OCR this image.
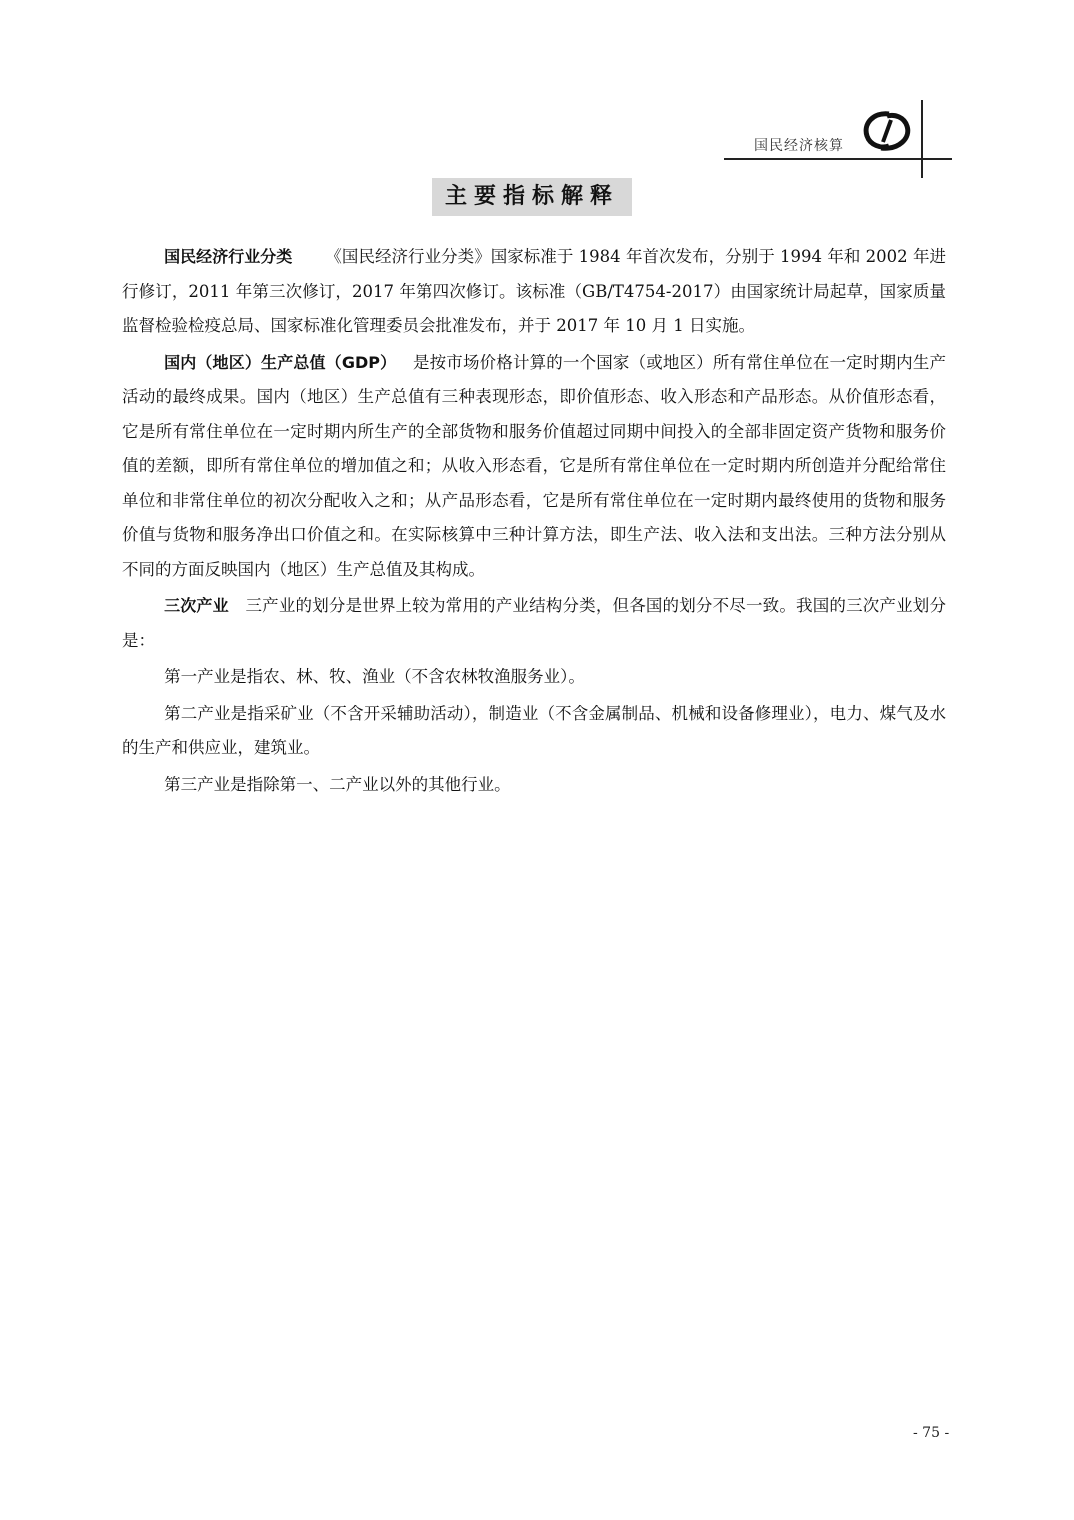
国民经济核算
主要指标解释

国民经济行业分类 《国民经济行业分类》国家标准于 1984 年首次发布，分别于 1994 年和 2002 年进行修订，2011 年第三次修订，2017 年第四次修订。该标准（GB/T4754-2017）由国家统计局起草，国家质量监督检验检疫总局、国家标准化管理委员会批准发布，并于 2017 年 10 月 1 日实施。

国内（地区）生产总值（GDP） 是按市场价格计算的一个国家（或地区）所有常住单位在一定时期内生产活动的最终成果。国内（地区）生产总值有三种表现形态，即价值形态、收入形态和产品形态。从价值形态看，它是所有常住单位在一定时期内所生产的全部货物和服务价值超过同期中间投入的全部非固定资产货物和服务价值的差额，即所有常住单位的增加值之和；从收入形态看，它是所有常住单位在一定时期内所创造并分配给常住单位和非常住单位的初次分配收入之和；从产品形态看，它是所有常住单位在一定时期内最终使用的货物和服务价值与货物和服务净出口价值之和。在实际核算中三种计算方法，即生产法、收入法和支出法。三种方法分别从不同的方面反映国内（地区）生产总值及其构成。

三次产业 三产业的划分是世界上较为常用的产业结构分类，但各国的划分不尽一致。我国的三次产业划分是：

第一产业是指农、林、牧、渔业（不含农林牧渔服务业）。

第二产业是指采矿业（不含开采辅助活动），制造业（不含金属制品、机械和设备修理业），电力、煤气及水的生产和供应业，建筑业。

第三产业是指除第一、二产业以外的其他行业。

- 75 -
